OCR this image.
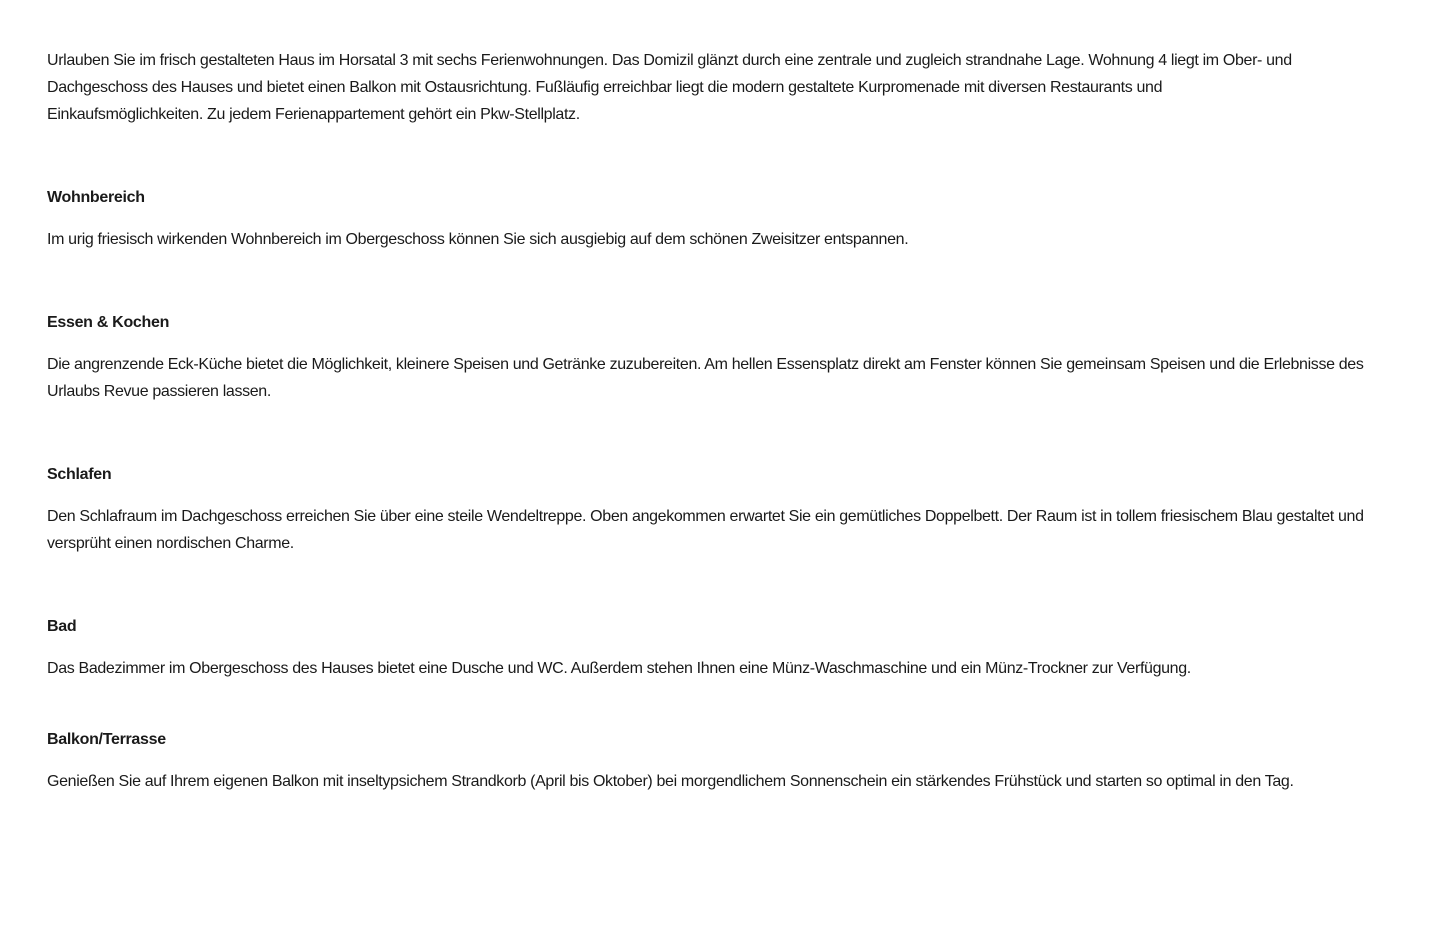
Urlauben Sie im frisch gestalteten Haus im Horsatal 3 mit sechs Ferienwohnungen. Das Domizil glänzt durch eine zentrale und zugleich strandnahe Lage. Wohnung 4 liegt im Ober- und Dachgeschoss des Hauses und bietet einen Balkon mit Ostausrichtung. Fußläufig erreichbar liegt die modern gestaltete Kurpromenade mit diversen Restaurants und Einkaufsmöglichkeiten. Zu jedem Ferienappartement gehört ein Pkw-Stellplatz.

Wohnbereich

Im urig friesisch wirkenden Wohnbereich im Obergeschoss können Sie sich ausgiebig auf dem schönen Zweisitzer entspannen.

Essen & Kochen

Die angrenzende Eck-Küche bietet die Möglichkeit, kleinere Speisen und Getränke zuzubereiten. Am hellen Essensplatz direkt am Fenster können Sie gemeinsam Speisen und die Erlebnisse des Urlaubs Revue passieren lassen.

Schlafen

Den Schlafraum im Dachgeschoss erreichen Sie über eine steile Wendeltreppe. Oben angekommen erwartet Sie ein gemütliches Doppelbett. Der Raum ist in tollem friesischem Blau gestaltet und versprüht einen nordischen Charme.

Bad

Das Badezimmer im Obergeschoss des Hauses bietet eine Dusche und WC. Außerdem stehen Ihnen eine Münz-Waschmaschine und ein Münz-Trockner zur Verfügung.

Balkon/Terrasse

Genießen Sie auf Ihrem eigenen Balkon mit inseltypsichem Strandkorb (April bis Oktober) bei morgendlichem Sonnenschein ein stärkendes Frühstück und starten so optimal in den Tag.
